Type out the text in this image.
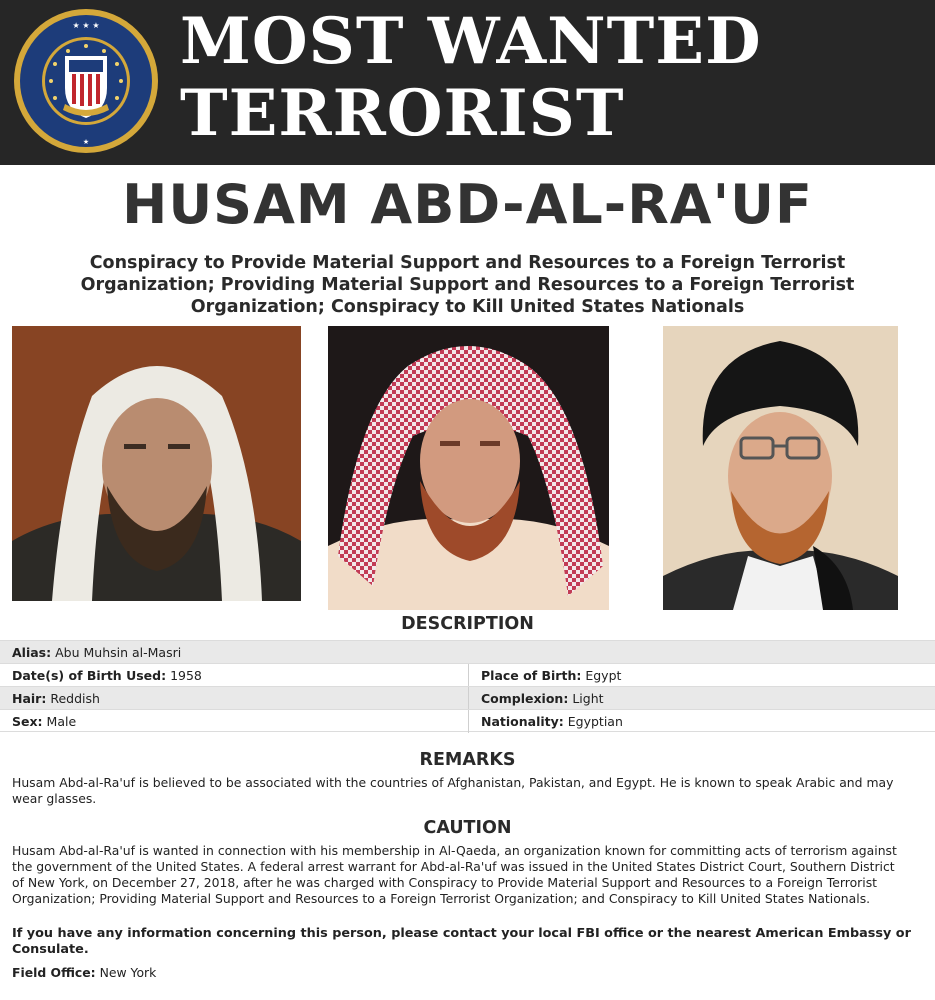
★ ★ ★
★
MOST WANTED
TERRORIST
HUSAM ABD-AL-RA'UF
Conspiracy to Provide Material Support and Resources to a Foreign Terrorist
Organization; Providing Material Support and Resources to a Foreign Terrorist
Organization; Conspiracy to Kill United States Nationals
DESCRIPTION
Alias: Abu Muhsin al-Masri
Date(s) of Birth Used: 1958	Place of Birth: Egypt
Hair: Reddish	Complexion: Light
Sex: Male	Nationality: Egyptian
REMARKS
Husam Abd-al-Ra'uf is believed to be associated with the countries of Afghanistan, Pakistan, and Egypt. He is known to speak Arabic and may
wear glasses.
CAUTION
Husam Abd-al-Ra'uf is wanted in connection with his membership in Al-Qaeda, an organization known for committing acts of terrorism against
the government of the United States. A federal arrest warrant for Abd-al-Ra'uf was issued in the United States District Court, Southern District
of New York, on December 27, 2018, after he was charged with Conspiracy to Provide Material Support and Resources to a Foreign Terrorist
Organization; Providing Material Support and Resources to a Foreign Terrorist Organization; and Conspiracy to Kill United States Nationals.
If you have any information concerning this person, please contact your local FBI office or the nearest American Embassy or
Consulate.
Field Office: New York
